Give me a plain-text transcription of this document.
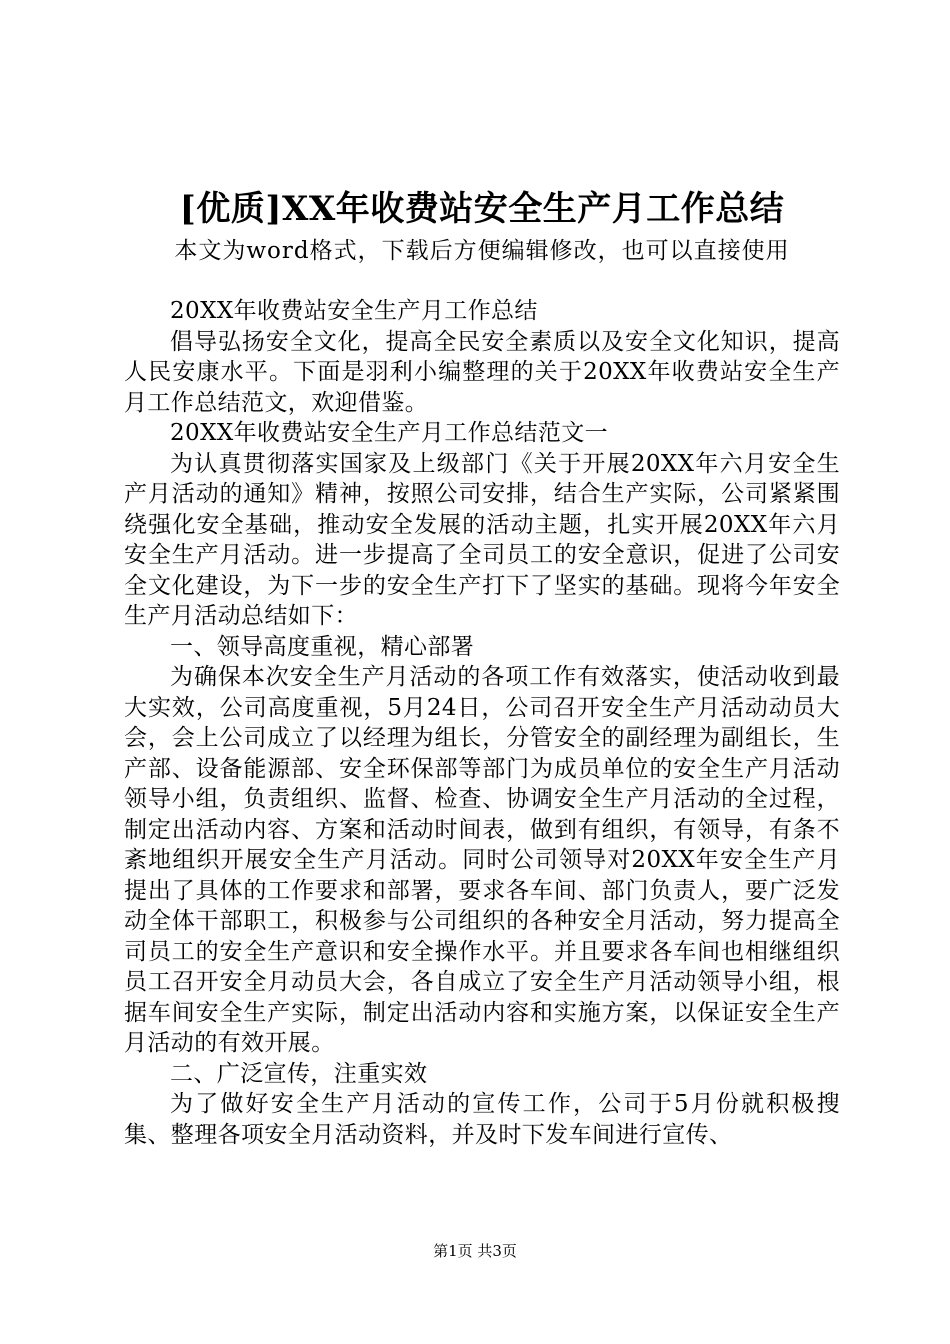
[优质]XX年收费站安全生产月工作总结
本文为word格式，下载后方便编辑修改，也可以直接使用

20XX年收费站安全生产月工作总结

倡导弘扬安全文化，提高全民安全素质以及安全文化知识，提高人民安康水平。下面是羽利小编整理的关于20XX年收费站安全生产月工作总结范文，欢迎借鉴。

20XX年收费站安全生产月工作总结范文一

为认真贯彻落实国家及上级部门《关于开展20XX年六月安全生产月活动的通知》精神，按照公司安排，结合生产实际，公司紧紧围绕强化安全基础，推动安全发展的活动主题，扎实开展20XX年六月安全生产月活动。进一步提高了全司员工的安全意识，促进了公司安全文化建设，为下一步的安全生产打下了坚实的基础。现将今年安全生产月活动总结如下：

一、领导高度重视，精心部署

为确保本次安全生产月活动的各项工作有效落实，使活动收到最大实效，公司高度重视，5月24日，公司召开安全生产月活动动员大会，会上公司成立了以经理为组长，分管安全的副经理为副组长，生产部、设备能源部、安全环保部等部门为成员单位的安全生产月活动领导小组，负责组织、监督、检查、协调安全生产月活动的全过程，制定出活动内容、方案和活动时间表，做到有组织，有领导，有条不紊地组织开展安全生产月活动。同时公司领导对20XX年安全生产月提出了具体的工作要求和部署，要求各车间、部门负责人，要广泛发动全体干部职工，积极参与公司组织的各种安全月活动，努力提高全司员工的安全生产意识和安全操作水平。并且要求各车间也相继组织员工召开安全月动员大会，各自成立了安全生产月活动领导小组，根据车间安全生产实际，制定出活动内容和实施方案，以保证安全生产月活动的有效开展。

二、广泛宣传，注重实效

为了做好安全生产月活动的宣传工作，公司于5月份就积极搜集、整理各项安全月活动资料，并及时下发车间进行宣传、

第1页 共3页
